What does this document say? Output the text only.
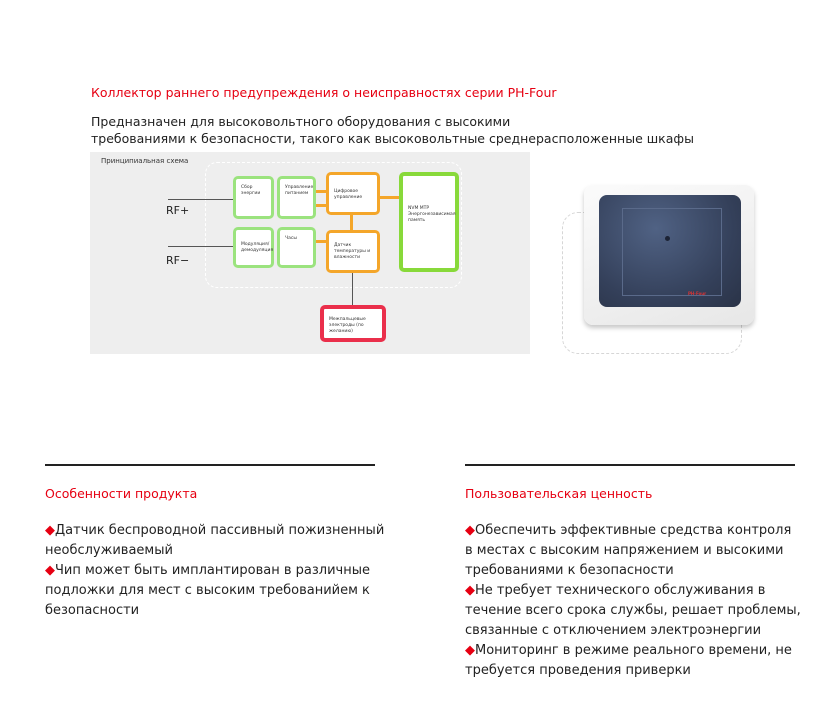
Коллектор раннего предупреждения о неисправностях серии PH-Four
Предназначен для высоковольтного оборудования с высокими
требованиями к безопасности, такого как высоковольтные среднерасположенные шкафы
Принципиальная схема
RF+
RF−
Сбор энергии
Управление питанием
Модуляция/ демодуляция
Часы
Цифровое управление
Датчик температуры и влажности
NVM MTP Энергонезависимая память
Межпальцевые электроды (по желанию)
PH-Four
Особенности продукта
◆Датчик беспроводной пассивный пожизненный
необслуживаемый
◆Чип может быть имплантирован в различные
подложки для мест с высоким требованийем к
безопасности
Пользовательская ценность
◆Обеспечить эффективные средства контроля
в местах с высоким напряжением и высокими
требованиями к безопасности
◆Не требует технического обслуживания в
течение всего срока службы, решает проблемы,
связанные с отключением электроэнергии
◆Мониторинг в режиме реального времени, не
требуется проведения приверки
